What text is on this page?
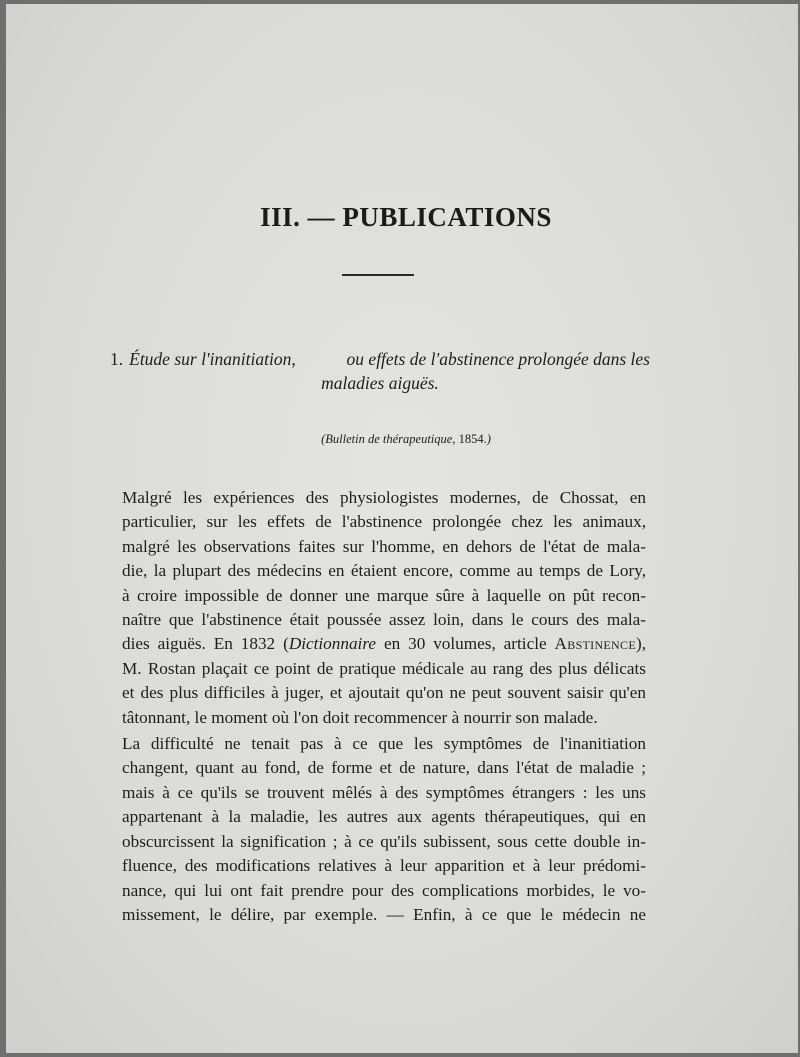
III. — PUBLICATIONS
1. Étude sur l'inanitiation,	ou effets de l'abstinence prolongée dans les
maladies aiguës.
(Bulletin de thérapeutique, 1854.)

Malgré les expériences des physiologistes modernes, de Chossat, en
particulier, sur les effets de l'abstinence prolongée chez les animaux,
malgré les observations faites sur l'homme, en dehors de l'état de mala-
die, la plupart des médecins en étaient encore, comme au temps de Lory,
à croire impossible de donner une marque sûre à laquelle on pût recon-
naître que l'abstinence était poussée assez loin, dans le cours des mala-
dies aiguës. En 1832 (Dictionnaire en 30 volumes, article Abstinence),
M. Rostan plaçait ce point de pratique médicale au rang des plus délicats
et des plus difficiles à juger, et ajoutait qu'on ne peut souvent saisir qu'en
tâtonnant, le moment où l'on doit recommencer à nourrir son malade.

La difficulté ne tenait pas à ce que les symptômes de l'inanitiation
changent, quant au fond, de forme et de nature, dans l'état de maladie ;
mais à ce qu'ils se trouvent mêlés à des symptômes étrangers : les uns
appartenant à la maladie, les autres aux agents thérapeutiques, qui en
obscurcissent la signification ; à ce qu'ils subissent, sous cette double in-
fluence, des modifications relatives à leur apparition et à leur prédomi-
nance, qui lui ont fait prendre pour des complications morbides, le vo-
missement, le délire, par exemple. — Enfin, à ce que le médecin ne
